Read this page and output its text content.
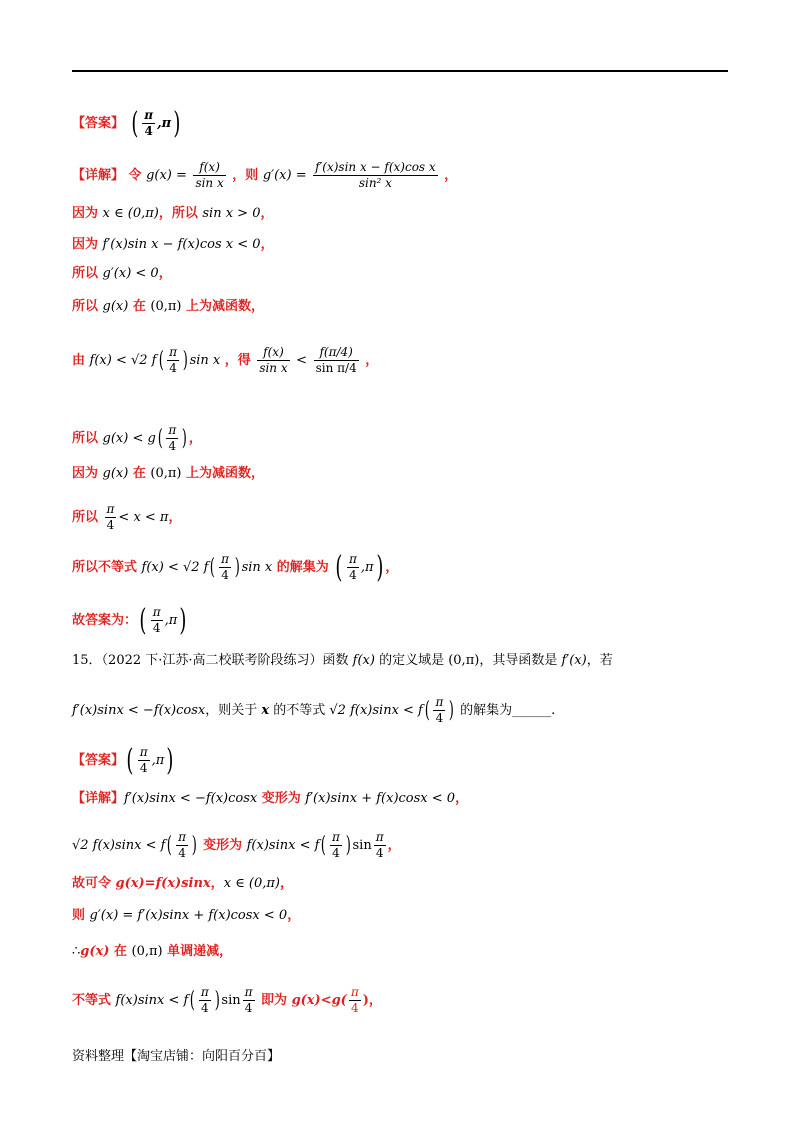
【答案】 ( $\frac{\pi}{4} ,\pi$)
【详解】 令 $g(x) = \frac{f(x)}{\text{sin x}}$ ，则 $g'(x) = \frac{\text{f′(x)sin x − f(x)cos x}}{\text{sin² x}}$ ，
因为 x ∈ (0,π)，所以 sin x > 0，
因为 f′(x)sin x − f(x)cos x < 0，
所以 g′(x) < 0，
所以 g(x) 在 (0,π) 上为减函数，
由 f(x) < √2 $f( \frac{\pi}{4}$ ) sin x ，得 $\frac{f(x)}{\text{sin x}} < \frac{f(\pi/4)}{\text{sin π/4}}$ ，
所以 $g(x) < g( \frac{\pi}{4}$ ) ，
因为 g(x) 在 (0,π) 上为减函数，
所以 $\frac{\pi}{4} < x < \pi$，
所以不等式 f(x) < √2 $f( \frac{\pi}{4}$ ) sin x 的解集为 ( $\frac{\pi}{4} ,\pi$) ，
故答案为：( $\frac{\pi}{4} ,\pi$)
15．（2022 下·江苏·高二校联考阶段练习）函数 f(x) 的定义域是 (0,π)，其导函数是 f′(x)，若
f′(x)sinx < −f(x)cosx，则关于 x 的不等式 √2 $f(x)\sin x < f( \frac{\pi}{4}$ ) 的解集为______.
【答案】( $\frac{\pi}{4} ,\pi$)
【详解】f′(x)sinx < −f(x)cosx 变形为 f′(x)sinx + f(x)cosx < 0，
√2 $f(x)\sin x < f( \frac{\pi}{4}$ ) 变形为 $f(x)\sin x < f( \frac{\pi}{4}$ ) $\sin \frac{\pi}{4}$ ，
故可令 g(x)=f(x)sinx，x ∈ (0,π)，
则 g′(x) = f′(x)sinx + f(x)cosx < 0，
∴g(x) 在 (0,π) 单调递减，
不等式 $f(x)\sin x < f( \frac{\pi}{4}$ ) $\sin \frac{\pi}{4}$ 即为 $g(x)<g( \frac{\pi}{4}$ )，
资料整理【淘宝店铺：向阳百分百】
